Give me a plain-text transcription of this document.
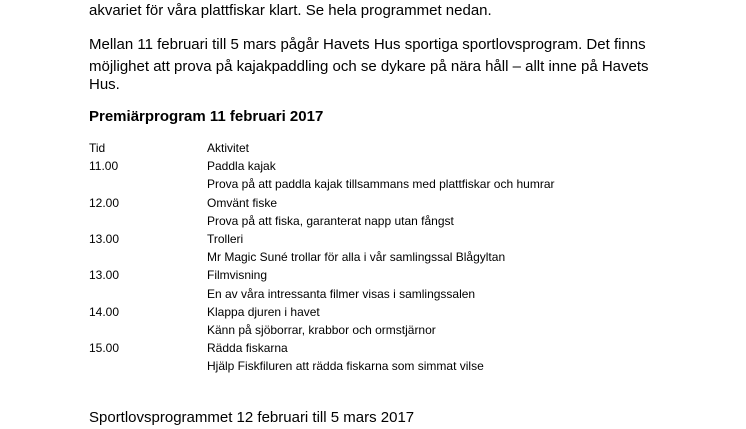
akvariet för våra plattfiskar klart. Se hela programmet nedan.

Mellan 11 februari till 5 mars pågår Havets Hus sportiga sportlovsprogram. Det finns

möjlighet att prova på kajakpaddling och se dykare på nära håll – allt inne på Havets

Hus.

Premiärprogram 11 februari 2017
Tid	Aktivitet
11.00	Paddla kajak
Prova på att paddla kajak tillsammans med plattfiskar och humrar
12.00	Omvänt fiske
Prova på att fiska, garanterat napp utan fångst
13.00	Trolleri
Mr Magic Suné trollar för alla i vår samlingssal Blågyltan
13.00	Filmvisning
En av våra intressanta filmer visas i samlingssalen
14.00	Klappa djuren i havet
Känn på sjöborrar, krabbor och ormstjärnor
15.00	Rädda fiskarna
Hjälp Fiskfiluren att rädda fiskarna som simmat vilse

Sportlovsprogrammet 12 februari till 5 mars 2017
